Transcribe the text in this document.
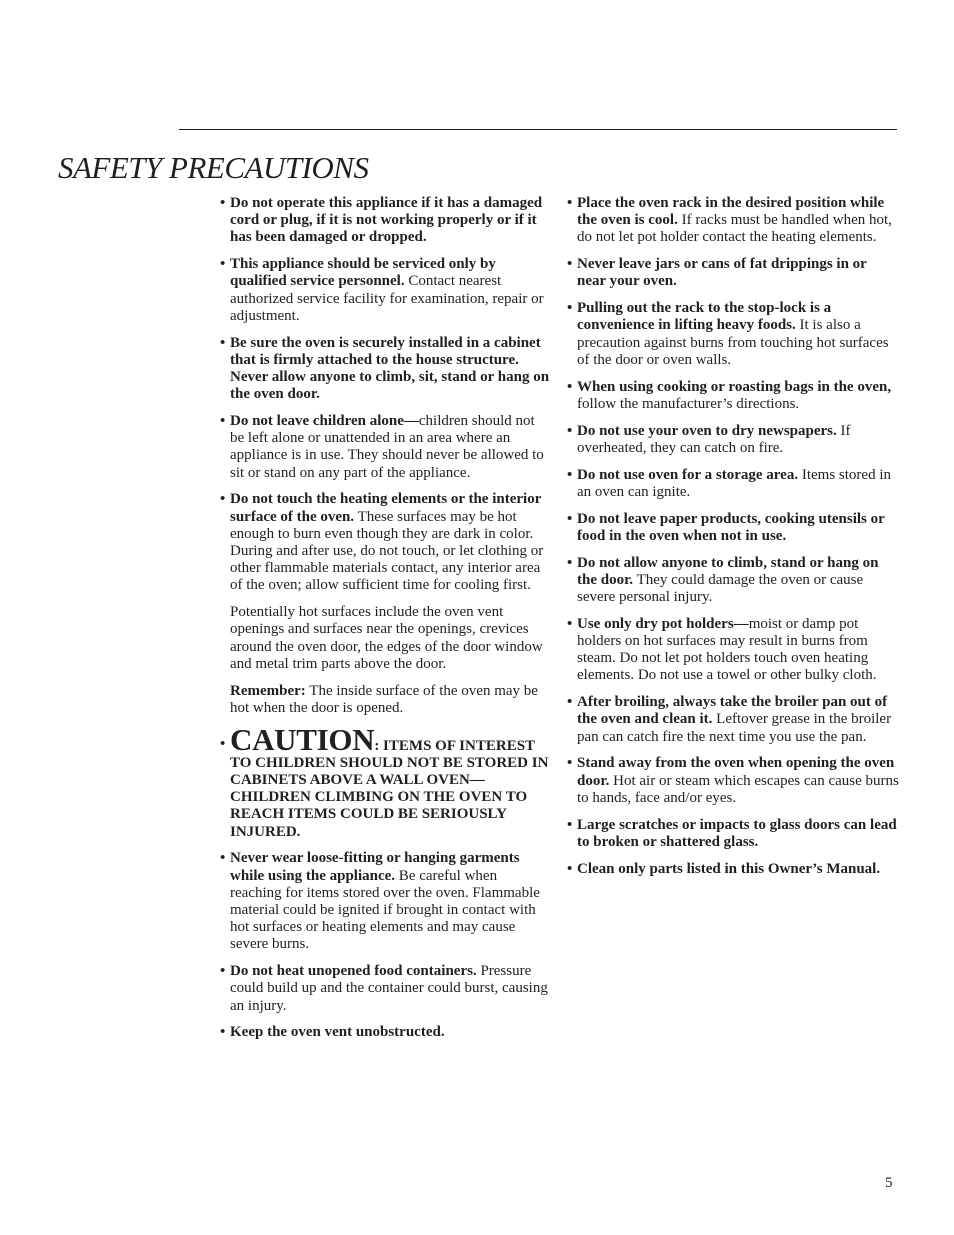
SAFETY PRECAUTIONS
• Do not operate this appliance if it has a damaged cord or plug, if it is not working properly or if it has been damaged or dropped.
• This appliance should be serviced only by qualified service personnel. Contact nearest authorized service facility for examination, repair or adjustment.
• Be sure the oven is securely installed in a cabinet that is firmly attached to the house structure. Never allow anyone to climb, sit, stand or hang on the oven door.
• Do not leave children alone—children should not be left alone or unattended in an area where an appliance is in use. They should never be allowed to sit or stand on any part of the appliance.
• Do not touch the heating elements or the interior surface of the oven. These surfaces may be hot enough to burn even though they are dark in color. During and after use, do not touch, or let clothing or other flammable materials contact, any interior area of the oven; allow sufficient time for cooling first.

Potentially hot surfaces include the oven vent openings and surfaces near the openings, crevices around the oven door, the edges of the door window and metal trim parts above the door.

Remember: The inside surface of the oven may be hot when the door is opened.

• CAUTION: ITEMS OF INTEREST TO CHILDREN SHOULD NOT BE STORED IN CABINETS ABOVE A WALL OVEN—CHILDREN CLIMBING ON THE OVEN TO REACH ITEMS COULD BE SERIOUSLY INJURED.
• Never wear loose-fitting or hanging garments while using the appliance. Be careful when reaching for items stored over the oven. Flammable material could be ignited if brought in contact with hot surfaces or heating elements and may cause severe burns.
• Do not heat unopened food containers. Pressure could build up and the container could burst, causing an injury.
• Keep the oven vent unobstructed.
• Place the oven rack in the desired position while the oven is cool. If racks must be handled when hot, do not let pot holder contact the heating elements.
• Never leave jars or cans of fat drippings in or near your oven.
• Pulling out the rack to the stop-lock is a convenience in lifting heavy foods. It is also a precaution against burns from touching hot surfaces of the door or oven walls.
• When using cooking or roasting bags in the oven, follow the manufacturer’s directions.
• Do not use your oven to dry newspapers. If overheated, they can catch on fire.
• Do not use oven for a storage area. Items stored in an oven can ignite.
• Do not leave paper products, cooking utensils or food in the oven when not in use.
• Do not allow anyone to climb, stand or hang on the door. They could damage the oven or cause severe personal injury.
• Use only dry pot holders—moist or damp pot holders on hot surfaces may result in burns from steam. Do not let pot holders touch oven heating elements. Do not use a towel or other bulky cloth.
• After broiling, always take the broiler pan out of the oven and clean it. Leftover grease in the broiler pan can catch fire the next time you use the pan.
• Stand away from the oven when opening the oven door. Hot air or steam which escapes can cause burns to hands, face and/or eyes.
• Large scratches or impacts to glass doors can lead to broken or shattered glass.
• Clean only parts listed in this Owner’s Manual.
5
